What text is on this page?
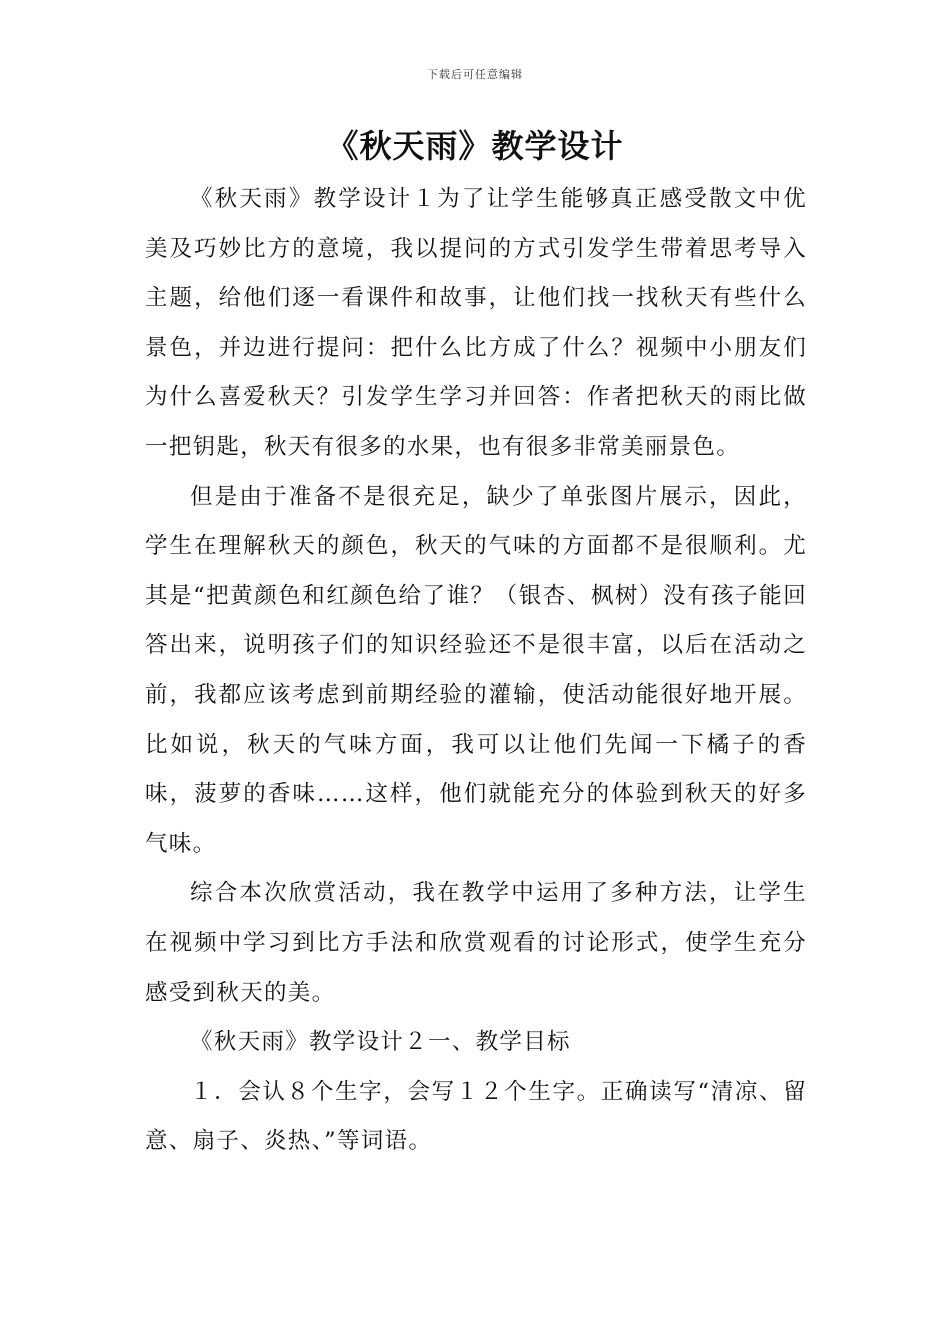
下载后可任意编辑
《秋天雨》教学设计

《秋天雨》教学设计１为了让学生能够真正感受散文中优美及巧妙比方的意境，我以提问的方式引发学生带着思考导入主题，给他们逐一看课件和故事，让他们找一找秋天有些什么景色，并边进行提问：把什么比方成了什么？视频中小朋友们为什么喜爱秋天？引发学生学习并回答：作者把秋天的雨比做一把钥匙，秋天有很多的水果，也有很多非常美丽景色。

但是由于准备不是很充足，缺少了单张图片展示，因此，学生在理解秋天的颜色，秋天的气味的方面都不是很顺利。尤其是“把黄颜色和红颜色给了谁？（银杏、枫树）没有孩子能回答出来，说明孩子们的知识经验还不是很丰富，以后在活动之前，我都应该考虑到前期经验的灌输，使活动能很好地开展。比如说，秋天的气味方面，我可以让他们先闻一下橘子的香味，菠萝的香味……这样，他们就能充分的体验到秋天的好多气味。

综合本次欣赏活动，我在教学中运用了多种方法，让学生在视频中学习到比方手法和欣赏观看的讨论形式，使学生充分感受到秋天的美。

《秋天雨》教学设计２一、教学目标

１．会认８个生字，会写１２个生字。正确读写“清凉、留意、扇子、炎热、”等词语。
